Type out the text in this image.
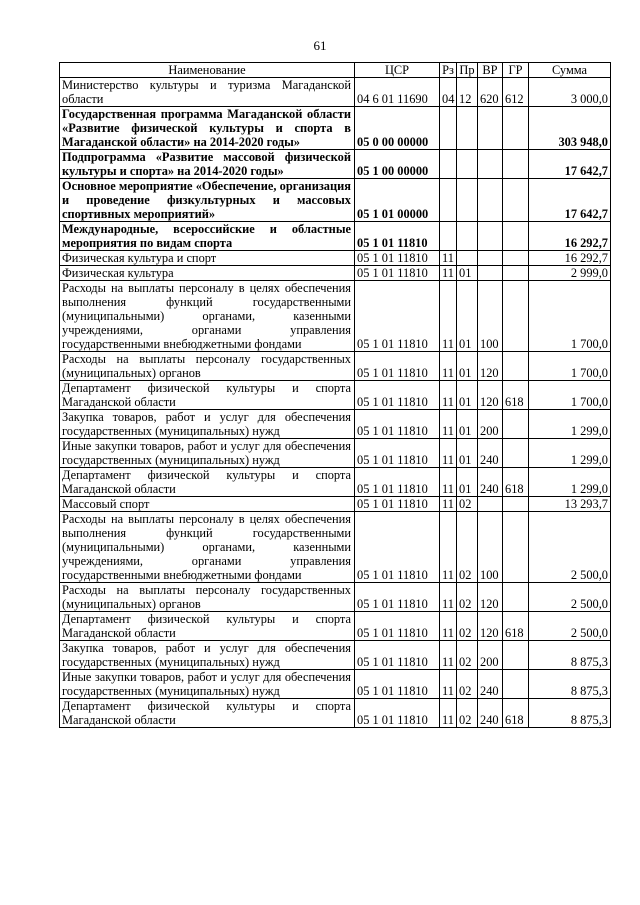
61
Наименование	ЦСР	Рз	Пр	ВР	ГР	Сумма
Министерство культуры и туризма Магаданской области	04 6 01 11690	04	12	620	612	3 000,0
Государственная программа Магаданской области «Развитие физической культуры и спорта в Магаданской области» на 2014-2020 годы»	05 0 00 00000					303 948,0
Подпрограмма «Развитие массовой физической культуры и спорта» на 2014-2020 годы»	05 1 00 00000					17 642,7
Основное мероприятие «Обеспечение, организация и проведение физкультурных и массовых спортивных мероприятий»	05 1 01 00000					17 642,7
Международные, всероссийские и областные мероприятия по видам спорта	05 1 01 11810					16 292,7
Физическая культура и спорт	05 1 01 11810	11				16 292,7
Физическая культура	05 1 01 11810	11	01			2 999,0
Расходы на выплаты персоналу в целях обеспечения выполнения функций государственными (муниципальными) органами, казенными учреждениями, органами управления государственными внебюджетными фондами	05 1 01 11810	11	01	100		1 700,0
Расходы на выплаты персоналу государственных (муниципальных) органов	05 1 01 11810	11	01	120		1 700,0
Департамент физической культуры и спорта Магаданской области	05 1 01 11810	11	01	120	618	1 700,0
Закупка товаров, работ и услуг для обеспечения государственных (муниципальных) нужд	05 1 01 11810	11	01	200		1 299,0
Иные закупки товаров, работ и услуг для обеспечения государственных (муниципальных) нужд	05 1 01 11810	11	01	240		1 299,0
Департамент физической культуры и спорта Магаданской области	05 1 01 11810	11	01	240	618	1 299,0
Массовый спорт	05 1 01 11810	11	02			13 293,7
Расходы на выплаты персоналу в целях обеспечения выполнения функций государственными (муниципальными) органами, казенными учреждениями, органами управления государственными внебюджетными фондами	05 1 01 11810	11	02	100		2 500,0
Расходы на выплаты персоналу государственных (муниципальных) органов	05 1 01 11810	11	02	120		2 500,0
Департамент физической культуры и спорта Магаданской области	05 1 01 11810	11	02	120	618	2 500,0
Закупка товаров, работ и услуг для обеспечения государственных (муниципальных) нужд	05 1 01 11810	11	02	200		8 875,3
Иные закупки товаров, работ и услуг для обеспечения государственных (муниципальных) нужд	05 1 01 11810	11	02	240		8 875,3
Департамент физической культуры и спорта Магаданской области	05 1 01 11810	11	02	240	618	8 875,3
